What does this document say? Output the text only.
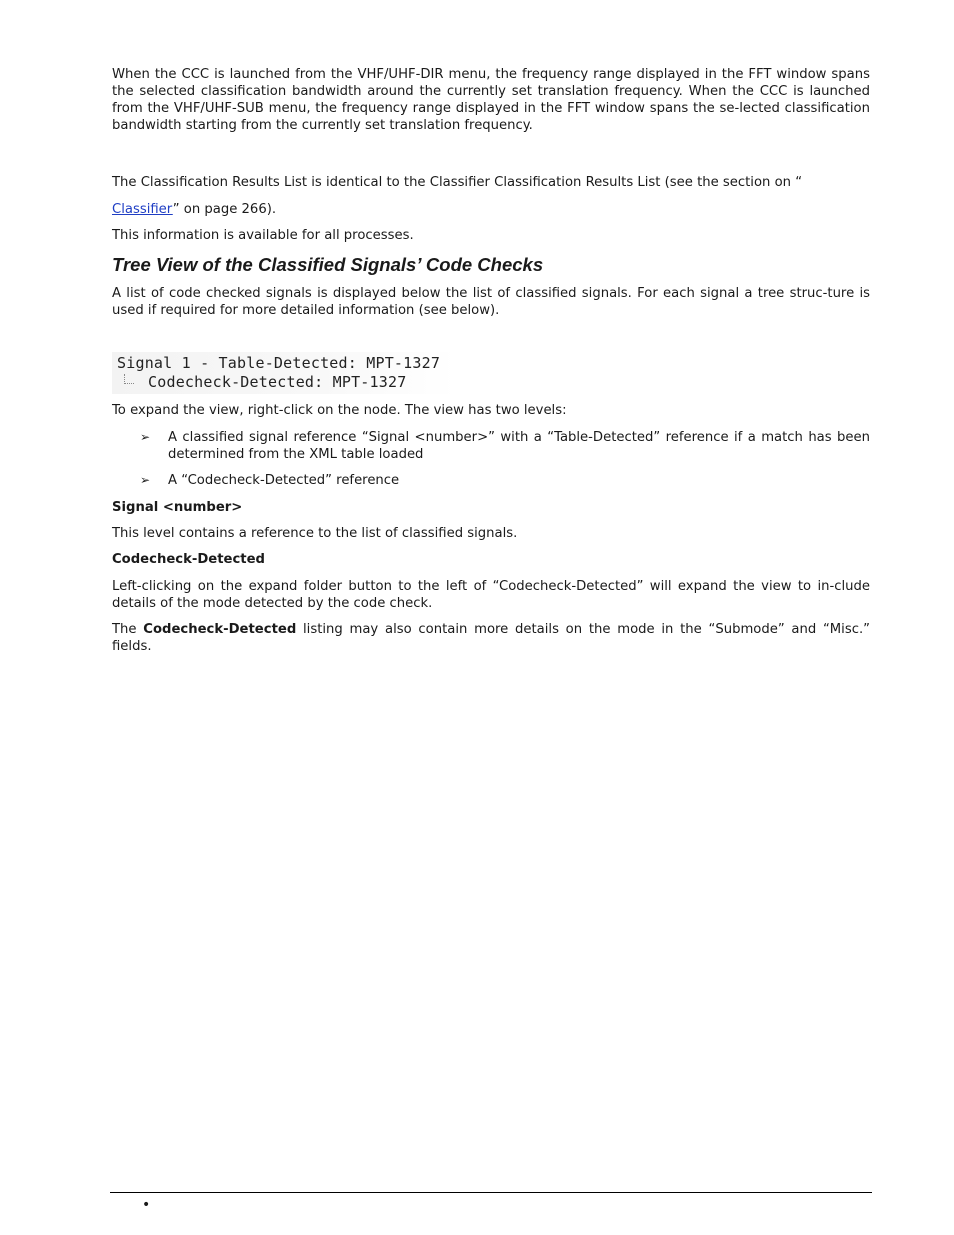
When the CCC is launched from the VHF/UHF-DIR menu, the frequency range displayed in the FFT window spans the selected classification bandwidth around the currently set translation frequency. When the CCC is launched from the VHF/UHF-SUB menu, the frequency range displayed in the FFT window spans the se-lected classification bandwidth starting from the currently set translation frequency.

The Classification Results List is identical to the Classifier Classification Results List (see the section on “

Classifier” on page 266).

This information is available for all processes.

Tree View of the Classified Signals’ Code Checks

A list of code checked signals is displayed below the list of classified signals. For each signal a tree struc-ture is used if required for more detailed information (see below).

Signal 1 - Table-Detected: MPT-1327
Codecheck-Detected: MPT-1327

To expand the view, right-click on the node. The view has two levels:

➢ A classified signal reference “Signal <number>” with a “Table-Detected” reference if a match has been determined from the XML table loaded
➢ A “Codecheck-Detected” reference

Signal <number>

This level contains a reference to the list of classified signals.

Codecheck-Detected

Left-clicking on the expand folder button to the left of “Codecheck-Detected” will expand the view to in-clude details of the mode detected by the code check.

The Codecheck-Detected listing may also contain more details on the mode in the “Submode” and “Misc.” fields.

•
